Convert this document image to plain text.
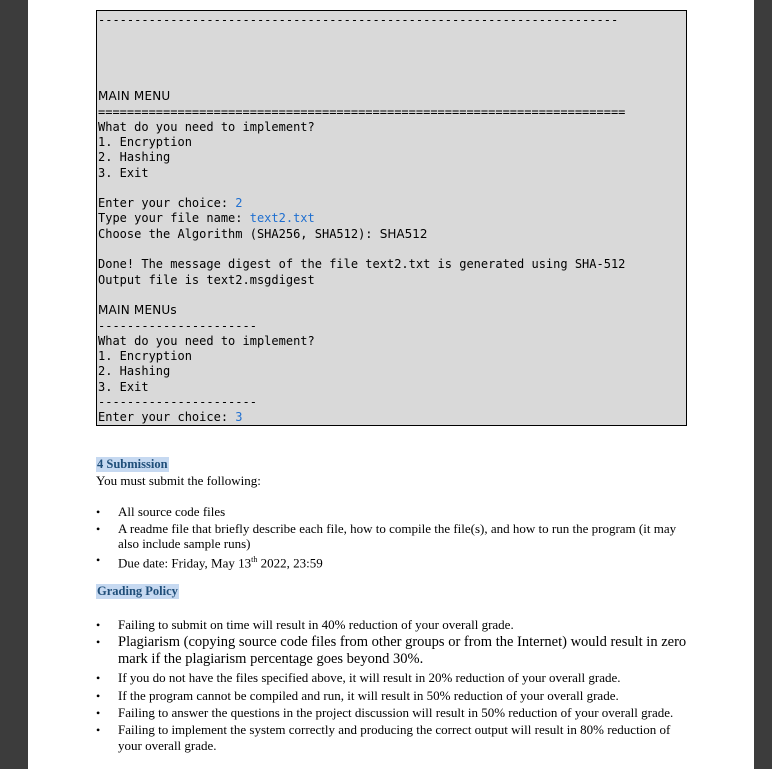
------------------------------------------------------------------------
MAIN MENU
=========================================================================
What do you need to implement?
1. Encryption
2. Hashing
3. Exit
Enter your choice: 2
Type your file name: text2.txt
Choose the Algorithm (SHA256, SHA512): SHA512
Done! The message digest of the file text2.txt is generated using SHA-512
Output file is text2.msgdigest
MAIN MENUs
----------------------
What do you need to implement?
1. Encryption
2. Hashing
3. Exit
----------------------
Enter your choice: 3
4 Submission
You must submit the following:
• All source code files
• A readme file that briefly describe each file, how to compile the file(s), and how to run the program (it may
also include sample runs)
• Due date: Friday, May 13th 2022, 23:59
Grading Policy
• Failing to submit on time will result in 40% reduction of your overall grade.
• Plagiarism (copying source code files from other groups or from the Internet) would result in zero
mark if the plagiarism percentage goes beyond 30%.
• If you do not have the files specified above, it will result in 20% reduction of your overall grade.
• If the program cannot be compiled and run, it will result in 50% reduction of your overall grade.
• Failing to answer the questions in the project discussion will result in 50% reduction of your overall grade.
• Failing to implement the system correctly and producing the correct output will result in 80% reduction of
your overall grade.
